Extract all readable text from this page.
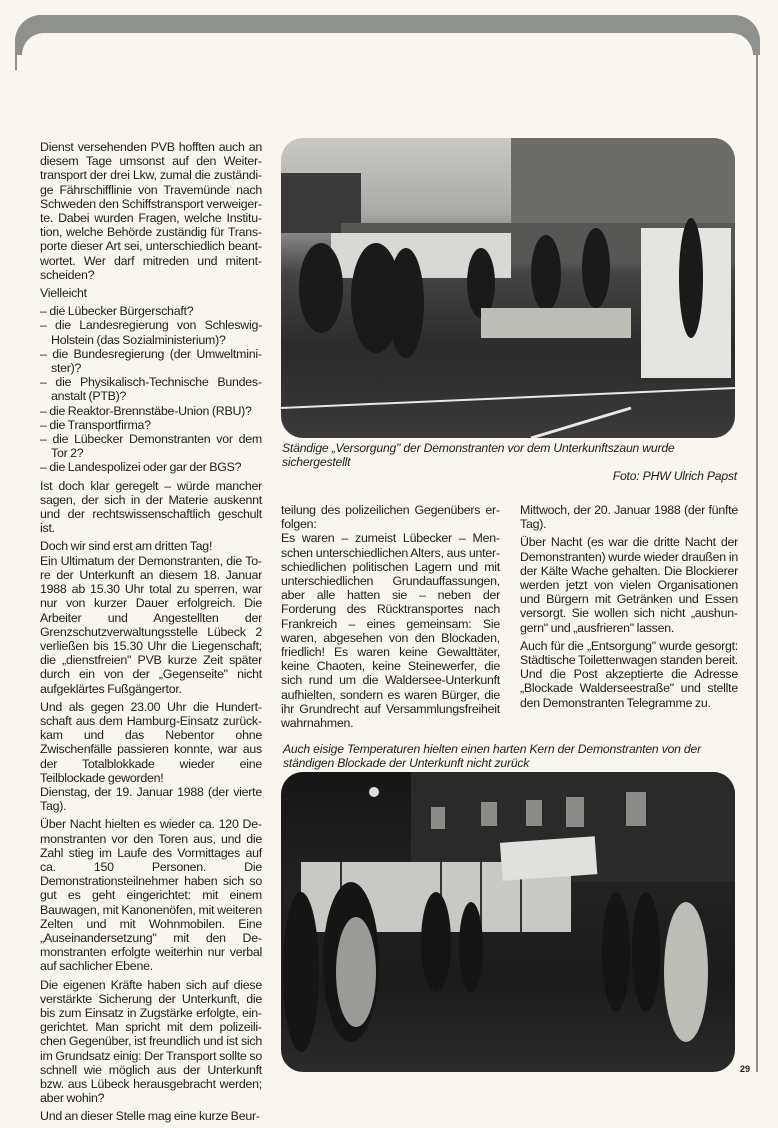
Dienst versehenden PVB hofften auch an diesem Tage umsonst auf den Weitertransport der drei Lkw, zumal die zuständige Fährschifflinie von Travemünde nach Schweden den Schiffstransport verweigerte. Dabei wurden Fragen, welche Institution, welche Behörde zuständig für Transporte dieser Art sei, unterschiedlich beantwortet. Wer darf mitreden und mitentscheiden?

Vielleicht

– die Lübecker Bürgerschaft?
– die Landesregierung von Schleswig-Holstein (das Sozialministerium)?
– die Bundesregierung (der Umweltminister)?
– die Physikalisch-Technische Bundesanstalt (PTB)?
– die Reaktor-Brennstäbe-Union (RBU)?
– die Transportfirma?
– die Lübecker Demonstranten vor dem Tor 2?
– die Landespolizei oder gar der BGS?

Ist doch klar geregelt – würde mancher sagen, der sich in der Materie auskennt und der rechtswissenschaftlich geschult ist.

Doch wir sind erst am dritten Tag!

Ein Ultimatum der Demonstranten, die Tore der Unterkunft an diesem 18. Januar 1988 ab 15.30 Uhr total zu sperren, war nur von kurzer Dauer erfolgreich. Die Arbeiter und Angestellten der Grenzschutzverwaltungsstelle Lübeck 2 verließen bis 15.30 Uhr die Liegenschaft; die „dienstfreien" PVB kurze Zeit später durch ein von der „Gegenseite" nicht aufgeklärtes Fußgängertor.

Und als gegen 23.00 Uhr die Hundertschaft aus dem Hamburg-Einsatz zurückkam und das Nebentor ohne Zwischenfälle passieren konnte, war aus der Totalblokkade wieder eine Teilblockade geworden!

Dienstag, der 19. Januar 1988 (der vierte Tag).

Über Nacht hielten es wieder ca. 120 Demonstranten vor den Toren aus, und die Zahl stieg im Laufe des Vormittages auf ca. 150 Personen. Die Demonstrationsteilnehmer haben sich so gut es geht eingerichtet: mit einem Bauwagen, mit Kanonenöfen, mit weiteren Zelten und mit Wohnmobilen. Eine „Auseinandersetzung" mit den Demonstranten erfolgte weiterhin nur verbal auf sachlicher Ebene.

Die eigenen Kräfte haben sich auf diese verstärkte Sicherung der Unterkunft, die bis zum Einsatz in Zugstärke erfolgte, eingerichtet. Man spricht mit dem polizeilichen Gegenüber, ist freundlich und ist sich im Grundsatz einig: Der Transport sollte so schnell wie möglich aus der Unterkunft bzw. aus Lübeck herausgebracht werden; aber wohin?

Und an dieser Stelle mag eine kurze Beur-

Ständige „Versorgung" der Demonstranten vor dem Unterkunftszaun wurde sichergestellt
Foto: PHW Ulrich Papst

teilung des polizeilichen Gegenübers erfolgen:

Es waren – zumeist Lübecker – Menschen unterschiedlichen Alters, aus unterschiedlichen politischen Lagern und mit unterschiedlichen Grundauffassungen, aber alle hatten sie – neben der Forderung des Rücktransportes nach Frankreich – eines gemeinsam: Sie waren, abgesehen von den Blockaden, friedlich! Es waren keine Gewalttäter, keine Chaoten, keine Steinewerfer, die sich rund um die Waldersee-Unterkunft aufhielten, sondern es waren Bürger, die ihr Grundrecht auf Versammlungsfreiheit wahrnahmen.

Mittwoch, der 20. Januar 1988 (der fünfte Tag).

Über Nacht (es war die dritte Nacht der Demonstranten) wurde wieder draußen in der Kälte Wache gehalten. Die Blockierer werden jetzt von vielen Organisationen und Bürgern mit Getränken und Essen versorgt. Sie wollen sich nicht „aushungern" und „ausfrieren" lassen.

Auch für die „Entsorgung" wurde gesorgt: Städtische Toilettenwagen standen bereit. Und die Post akzeptierte die Adresse „Blockade Walderseestraße" und stellte den Demonstranten Telegramme zu.

Auch eisige Temperaturen hielten einen harten Kern der Demonstranten von der ständigen Blockade der Unterkunft nicht zurück
29
